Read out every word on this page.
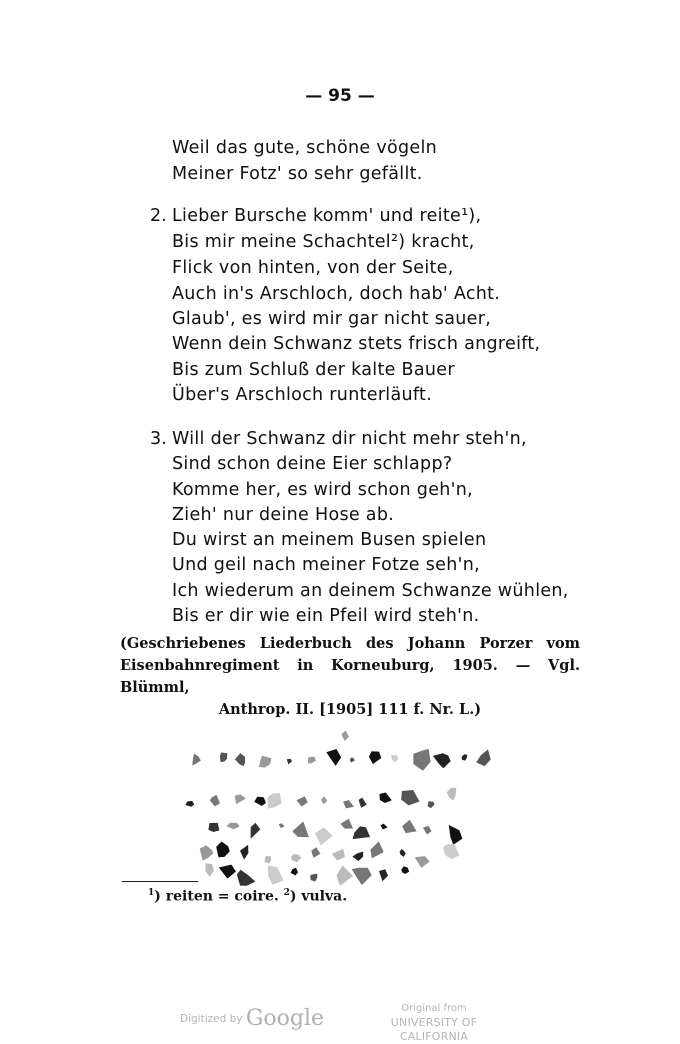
— 95 —
Weil das gute, schöne vögeln
Meiner Fotz' so sehr gefällt.
2. Lieber Bursche komm' und reite¹),
Bis mir meine Schachtel²) kracht,
Flick von hinten, von der Seite,
Auch in's Arschloch, doch hab' Acht.
Glaub', es wird mir gar nicht sauer,
Wenn dein Schwanz stets frisch angreift,
Bis zum Schluß der kalte Bauer
Über's Arschloch runterläuft.
3. Will der Schwanz dir nicht mehr steh'n,
Sind schon deine Eier schlapp?
Komme her, es wird schon geh'n,
Zieh' nur deine Hose ab.
Du wirst an meinem Busen spielen
Und geil nach meiner Fotze seh'n,
Ich wiederum an deinem Schwanze wühlen,
Bis er dir wie ein Pfeil wird steh'n.
(Geschriebenes Liederbuch des Johann Porzer vom
Eisenbahnregiment in Korneuburg, 1905. — Vgl. Blümml,
Anthrop. II. [1905] 111 f. Nr. L.)
$^1$) reiten = coire. $^2$) vulva.
Digitized by Google	Original from
UNIVERSITY OF CALIFORNIA
